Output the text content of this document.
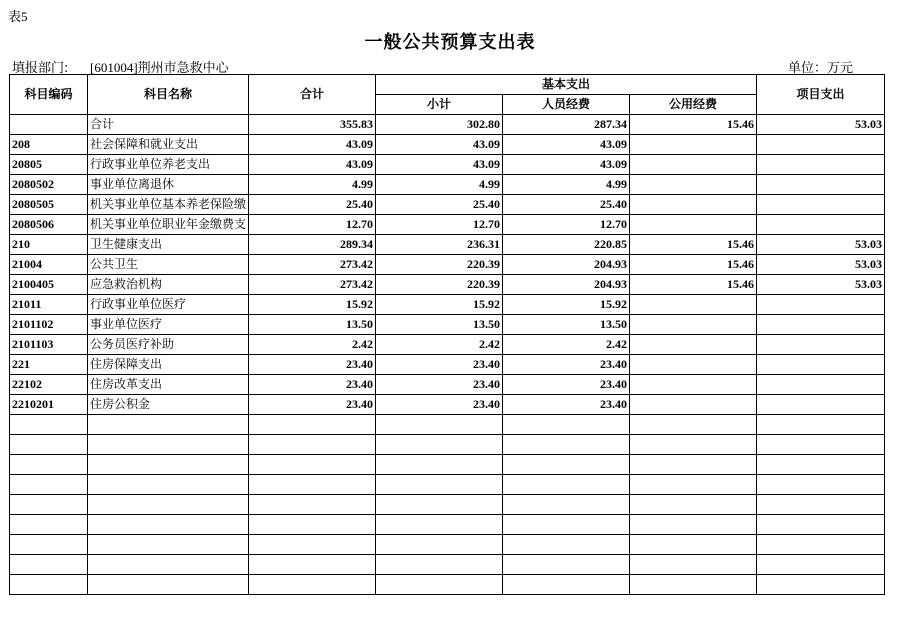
表5
一般公共预算支出表
填报部门: [601004]荆州市急救中心	单位：万元
科目编码	科目名称	合计	基本支出			项目支出
			小计	人员经费	公用经费	
	合计	355.83	302.80	287.34	15.46	53.03
208	社会保障和就业支出	43.09	43.09	43.09		
20805	行政事业单位养老支出	43.09	43.09	43.09		
2080502	事业单位离退休	4.99	4.99	4.99		
2080505	机关事业单位基本养老保险缴	25.40	25.40	25.40		
2080506	机关事业单位职业年金缴费支	12.70	12.70	12.70		
210	卫生健康支出	289.34	236.31	220.85	15.46	53.03
21004	公共卫生	273.42	220.39	204.93	15.46	53.03
2100405	应急救治机构	273.42	220.39	204.93	15.46	53.03
21011	行政事业单位医疗	15.92	15.92	15.92		
2101102	事业单位医疗	13.50	13.50	13.50		
2101103	公务员医疗补助	2.42	2.42	2.42		
221	住房保障支出	23.40	23.40	23.40		
22102	住房改革支出	23.40	23.40	23.40		
2210201	住房公积金	23.40	23.40	23.40		
